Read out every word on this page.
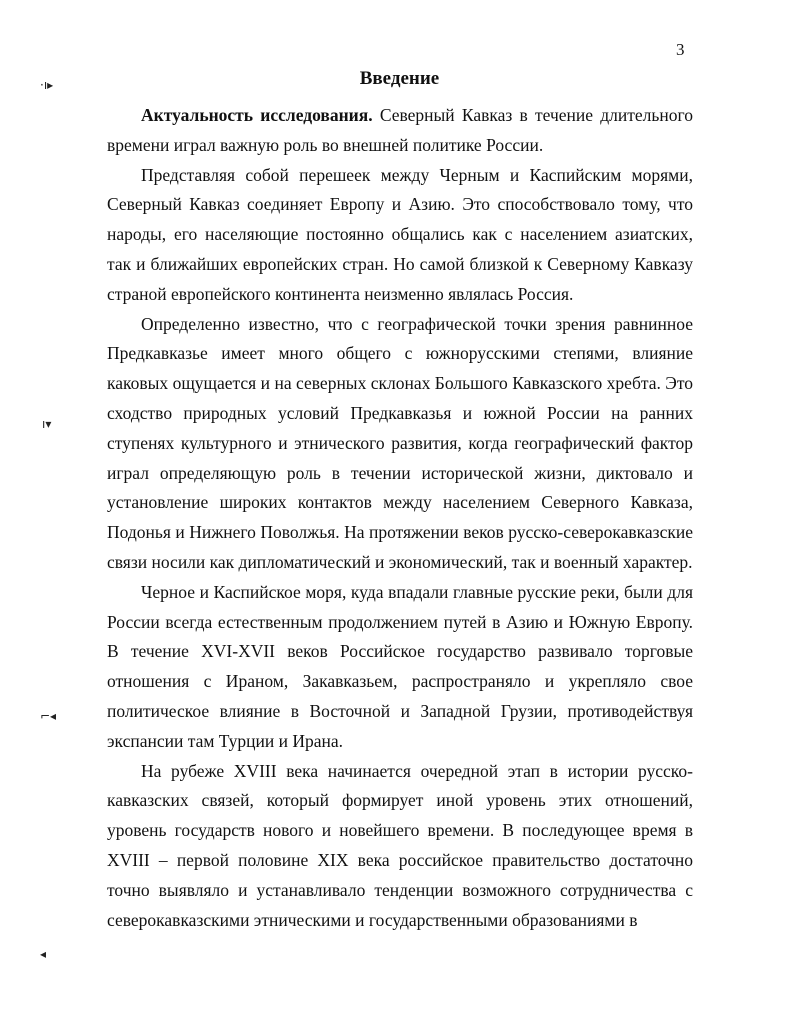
3
Введение

Актуальность исследования. Северный Кавказ в течение длительного времени играл важную роль во внешней политике России.

Представляя собой перешеек между Черным и Каспийским морями, Северный Кавказ соединяет Европу и Азию. Это способствовало тому, что народы, его населяющие постоянно общались как с населением азиатских, так и ближайших европейских стран. Но самой близкой к Северному Кавказу страной европейского континента неизменно являлась Россия.

Определенно известно, что с географической точки зрения равнинное Предкавказье имеет много общего с южнорусскими степями, влияние каковых ощущается и на северных склонах Большого Кавказского хребта. Это сходство природных условий Предкавказья и южной России на ранних ступенях культурного и этнического развития, когда географический фактор играл определяющую роль в течении исторической жизни, диктовало и установление широких контактов между населением Северного Кавказа, Подонья и Нижнего Поволжья. На протяжении веков русско-северокавказские связи носили как дипломатический и экономический, так и военный характер.

Черное и Каспийское моря, куда впадали главные русские реки, были для России всегда естественным продолжением путей в Азию и Южную Европу. В течение XVI-XVII веков Российское государство развивало торговые отношения с Ираном, Закавказьем, распространяло и укрепляло свое политическое влияние в Восточной и Западной Грузии, противодействуя экспансии там Турции и Ирана.

На рубеже XVIII века начинается очередной этап в истории русско-кавказских связей, который формирует иной уровень этих отношений, уровень государств нового и новейшего времени. В последующее время в XVIII – первой половине XIX века российское правительство достаточно точно выявляло и устанавливало тенденции возможного сотрудничества с северокавказскими этническими и государственными образованиями в

·ı▸
ı▾
⌐◂
◂
